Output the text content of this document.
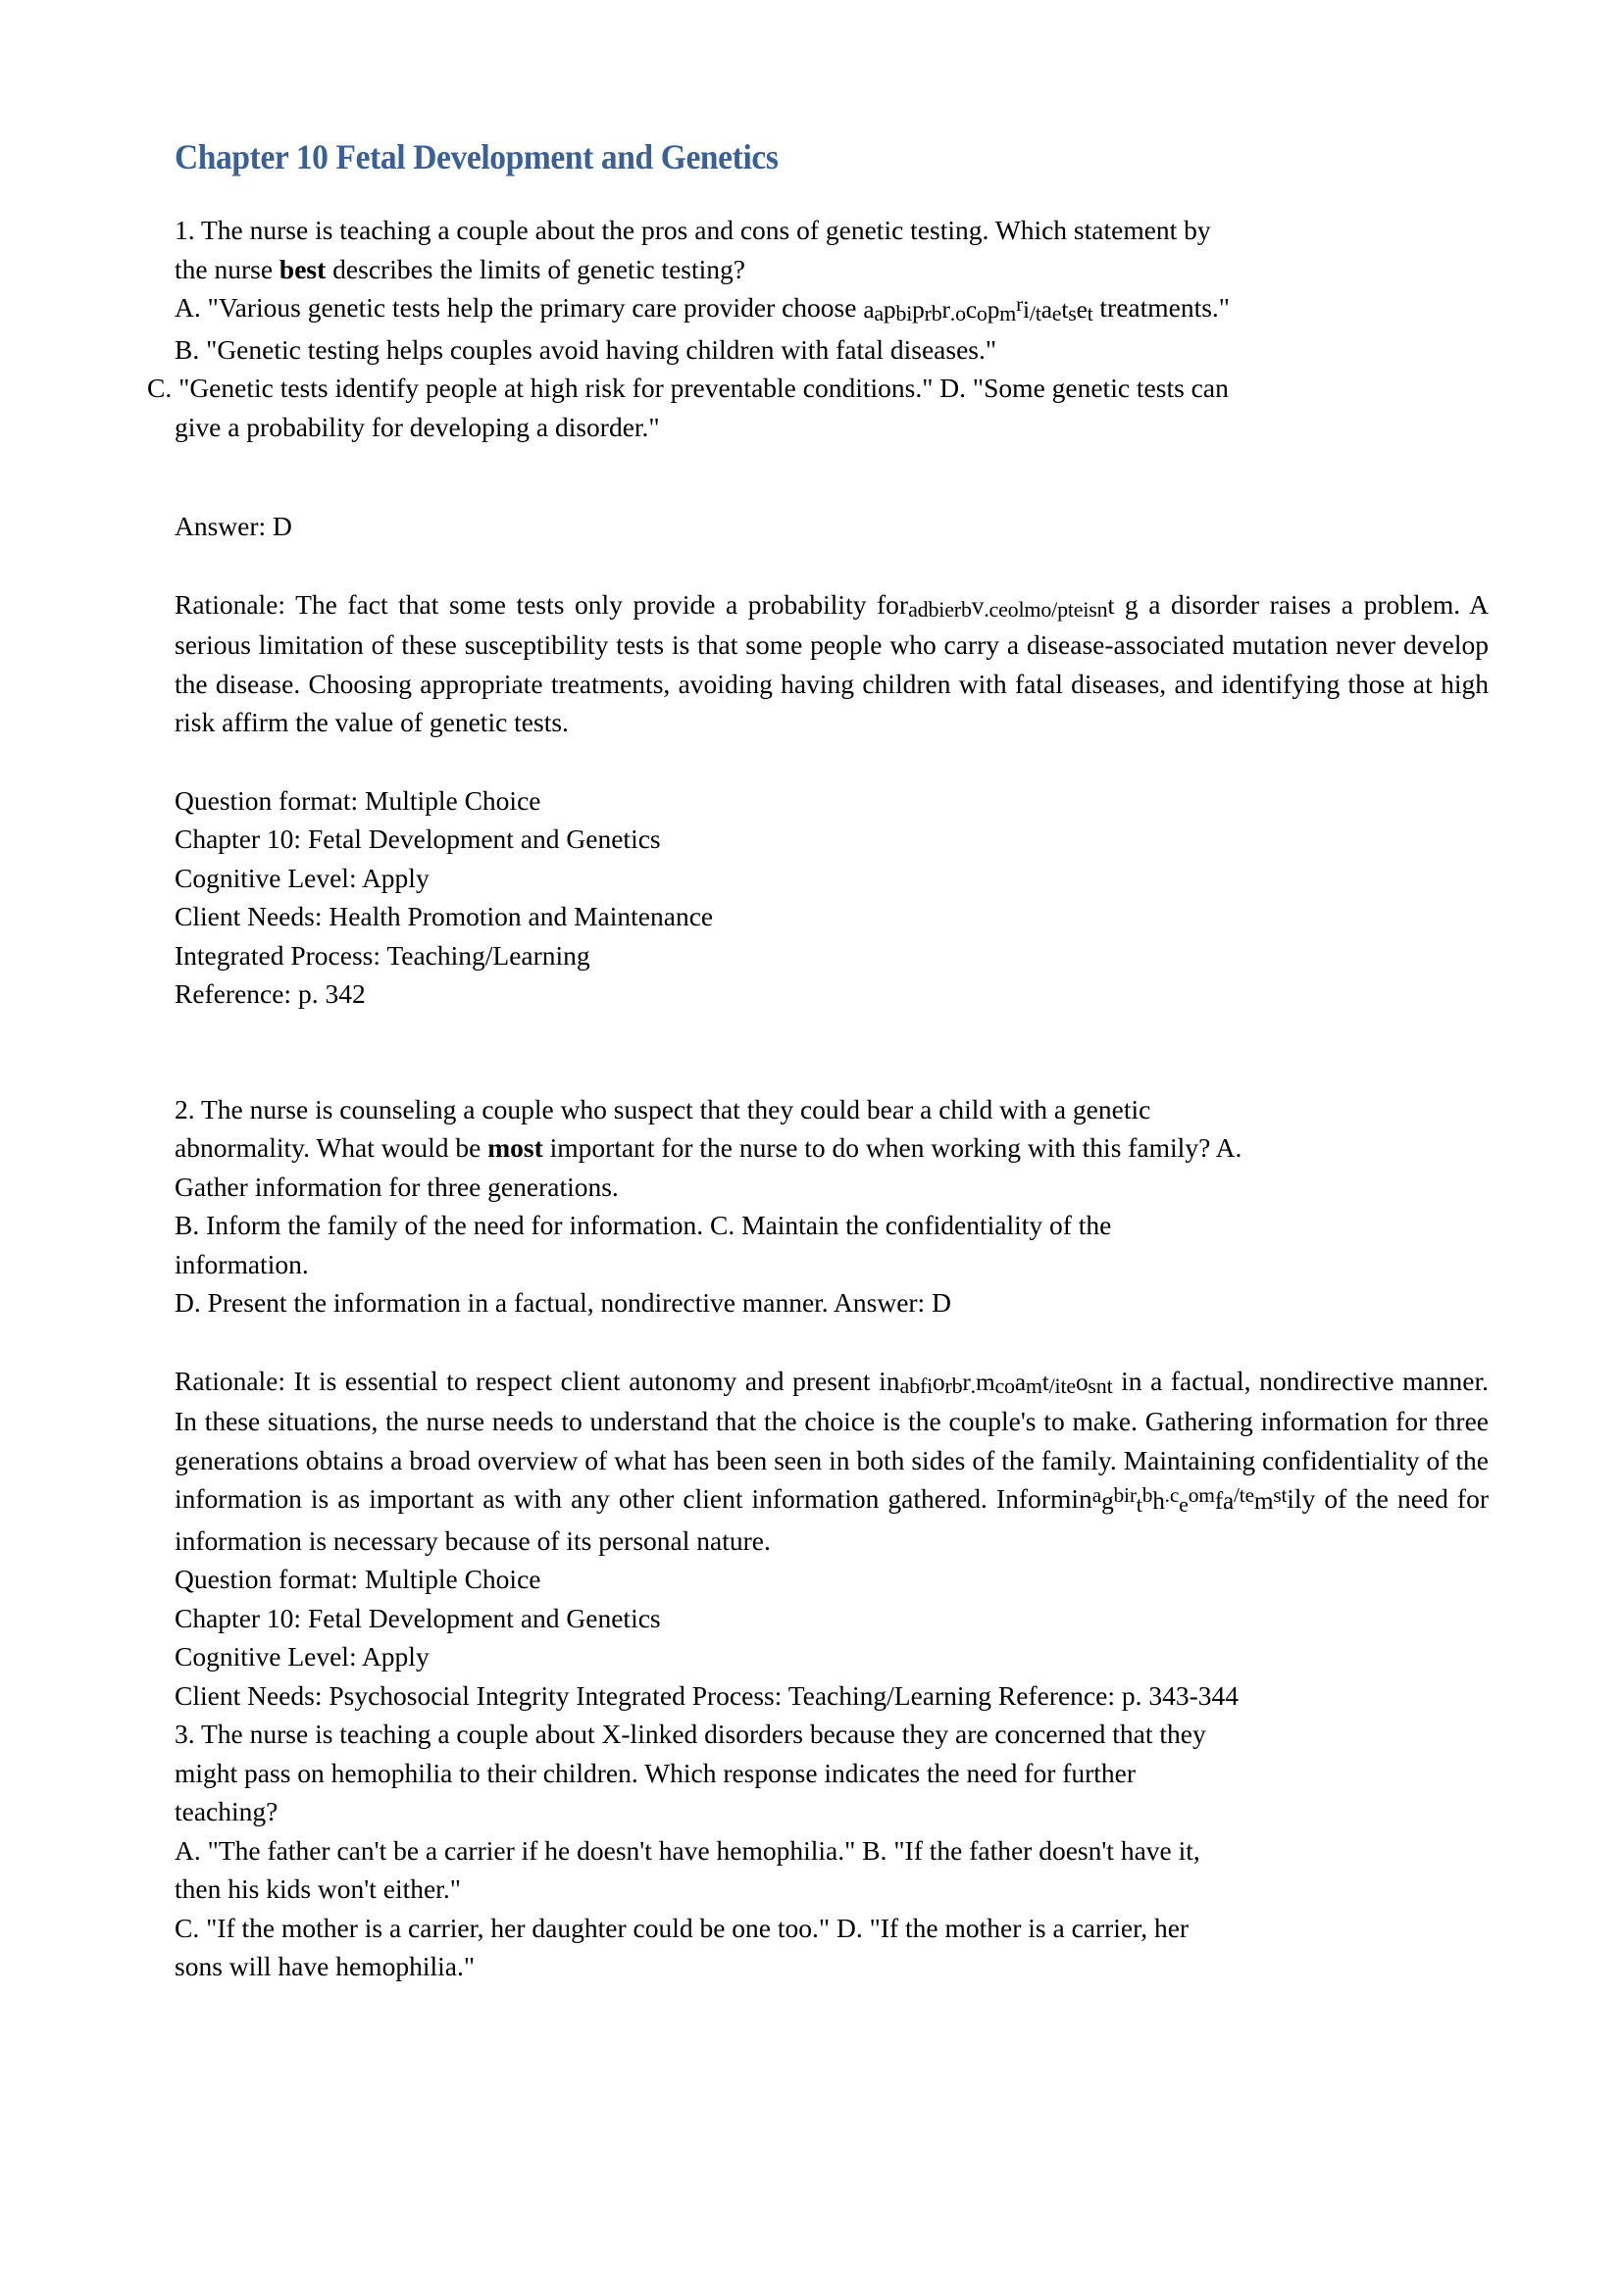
Chapter 10 Fetal Development and Genetics
1. The nurse is teaching a couple about the pros and cons of genetic testing. Which statement by
the nurse best describes the limits of genetic testing?
A. "Various genetic tests help the primary care provider choose aapbiprbr.ocopm$^r$i/taetset treatments."
B. "Genetic testing helps couples avoid having children with fatal diseases."
C. "Genetic tests identify people at high risk for preventable conditions." D. "Some genetic tests can
give a probability for developing a disorder."
Answer: D
Rationale: The fact that some tests only provide a probability foradbierbv.ceolmo/pteisnt g a disorder raises a problem. A serious limitation of these susceptibility tests is that some people who carry a disease-associated mutation never develop the disease. Choosing appropriate treatments, avoiding having children with fatal diseases, and identifying those at high risk affirm the value of genetic tests.
Question format: Multiple Choice
Chapter 10: Fetal Development and Genetics
Cognitive Level: Apply
Client Needs: Health Promotion and Maintenance
Integrated Process: Teaching/Learning
Reference: p. 342
2. The nurse is counseling a couple who suspect that they could bear a child with a genetic
abnormality. What would be most important for the nurse to do when working with this family? A.
Gather information for three generations.
B. Inform the family of the need for information. C. Maintain the confidentiality of the
information.
D. Present the information in a factual, nondirective manner. Answer: D
Rationale: It is essential to respect client autonomy and present inabfiorbr.mcoamt/iteosnt in a factual, nondirective manner. In these situations, the nurse needs to understand that the choice is the couple's to make. Gathering information for three generations obtains a broad overview of what has been seen in both sides of the family. Maintaining confidentiality of the information is as important as with any other client information gathered. $Informin^ag^{bir}t^bh^{.c}e^{om}fa^{/te}m^{st}ily$ of the need for information is necessary because of its personal nature.
Question format: Multiple Choice
Chapter 10: Fetal Development and Genetics
Cognitive Level: Apply
Client Needs: Psychosocial Integrity Integrated Process: Teaching/Learning Reference: p. 343-344
3. The nurse is teaching a couple about X-linked disorders because they are concerned that they
might pass on hemophilia to their children. Which response indicates the need for further
teaching?
A. "The father can't be a carrier if he doesn't have hemophilia." B. "If the father doesn't have it,
then his kids won't either."
C. "If the mother is a carrier, her daughter could be one too." D. "If the mother is a carrier, her
sons will have hemophilia."
